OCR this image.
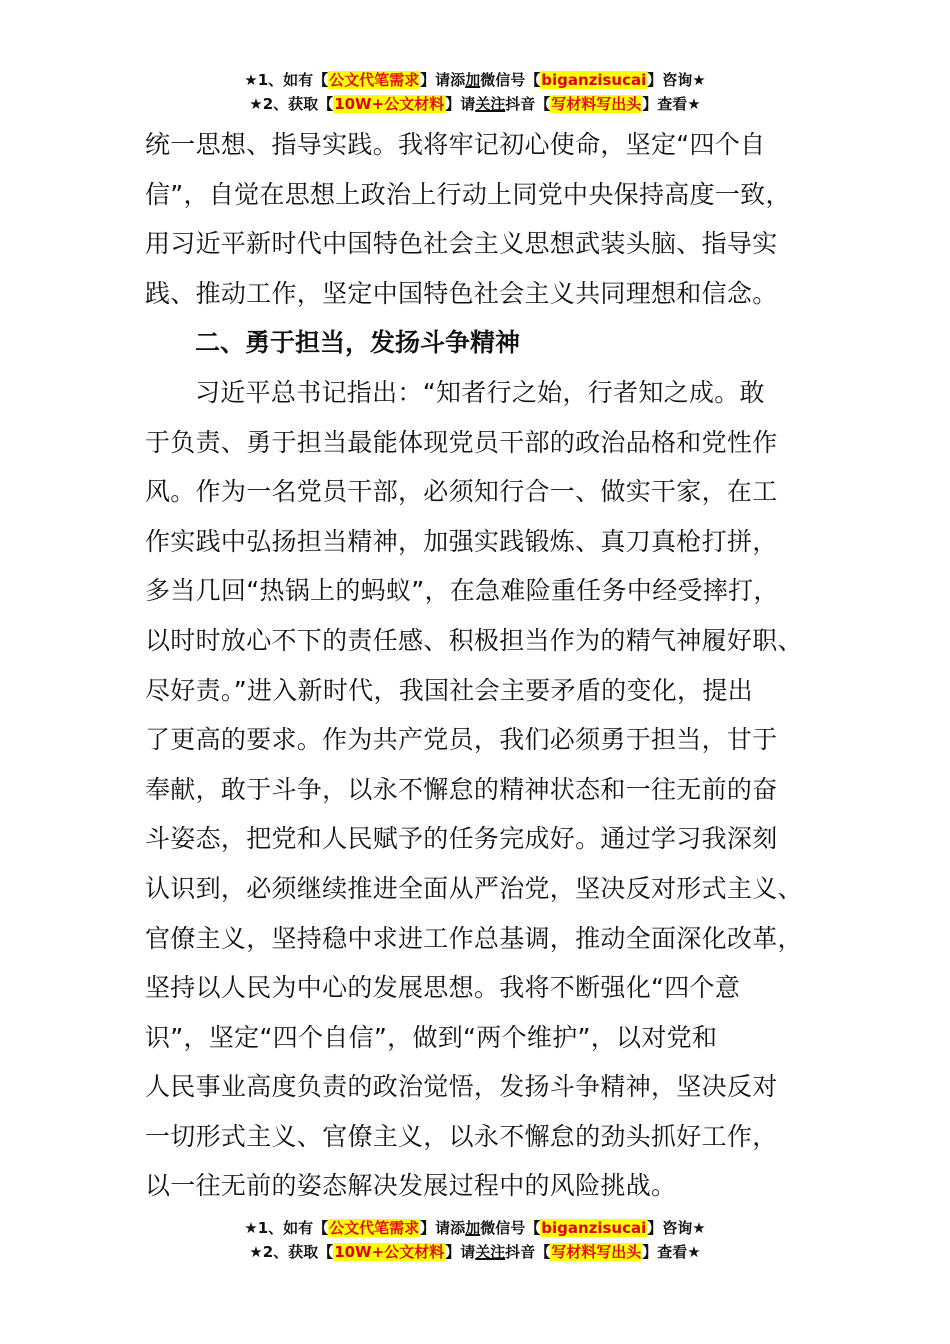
★1、如有【公文代笔需求】请添加微信号【biganzisucai】咨询★
★2、获取【10W+公文材料】请关注抖音【写材料写出头】查看★

统一思想、指导实践。我将牢记初心使命，坚定“四个自
信”，自觉在思想上政治上行动上同党中央保持高度一致，
用习近平新时代中国特色社会主义思想武装头脑、指导实
践、推动工作，坚定中国特色社会主义共同理想和信念。

二、勇于担当，发扬斗争精神

习近平总书记指出：“知者行之始，行者知之成。敢
于负责、勇于担当最能体现党员干部的政治品格和党性作
风。作为一名党员干部，必须知行合一、做实干家，在工
作实践中弘扬担当精神，加强实践锻炼、真刀真枪打拼，
多当几回“热锅上的蚂蚁”，在急难险重任务中经受摔打，
以时时放心不下的责任感、积极担当作为的精气神履好职、
尽好责。”进入新时代，我国社会主要矛盾的变化，提出
了更高的要求。作为共产党员，我们必须勇于担当，甘于
奉献，敢于斗争，以永不懈怠的精神状态和一往无前的奋
斗姿态，把党和人民赋予的任务完成好。通过学习我深刻
认识到，必须继续推进全面从严治党，坚决反对形式主义、
官僚主义，坚持稳中求进工作总基调，推动全面深化改革，
坚持以人民为中心的发展思想。我将不断强化“四个意
识”，坚定“四个自信”，做到“两个维护”，以对党和
人民事业高度负责的政治觉悟，发扬斗争精神，坚决反对
一切形式主义、官僚主义，以永不懈怠的劲头抓好工作，
以一往无前的姿态解决发展过程中的风险挑战。

★1、如有【公文代笔需求】请添加微信号【biganzisucai】咨询★
★2、获取【10W+公文材料】请关注抖音【写材料写出头】查看★
